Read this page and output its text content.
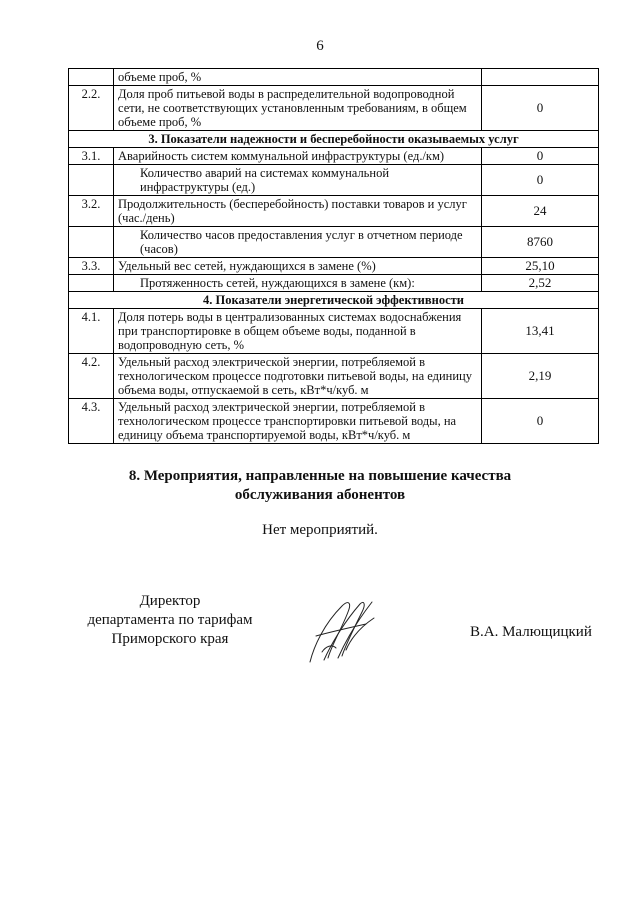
6
	объеме проб, %	
2.2.	Доля проб питьевой воды в распределительной водопроводной сети, не соответствующих установленным требованиям, в общем объеме проб, %	0
3. Показатели надежности и бесперебойности оказываемых услуг		
3.1.	Аварийность систем коммунальной инфраструктуры (ед./км)	0
	Количество аварий на системах коммунальной инфраструктуры (ед.)	0
3.2.	Продолжительность (бесперебойность) поставки товаров и услуг (час./день)	24
	Количество часов предоставления услуг в отчетном периоде (часов)	8760
3.3.	Удельный вес сетей, нуждающихся в замене (%)	25,10
	Протяженность сетей, нуждающихся в замене (км):	2,52
4. Показатели энергетической эффективности		
4.1.	Доля потерь воды в централизованных системах водоснабжения при транспортировке в общем объеме воды, поданной в водопроводную сеть, %	13,41
4.2.	Удельный расход электрической энергии, потребляемой в технологическом процессе подготовки питьевой воды, на единицу объема воды, отпускаемой в сеть, кВт*ч/куб. м	2,19
4.3.	Удельный расход электрической энергии, потребляемой в технологическом процессе транспортировки питьевой воды, на единицу объема транспортируемой воды, кВт*ч/куб. м	0
8. Мероприятия, направленные на повышение качества
обслуживания абонентов
Нет мероприятий.
Директор
департамента по тарифам
Приморского края	В.А. Малющицкий
